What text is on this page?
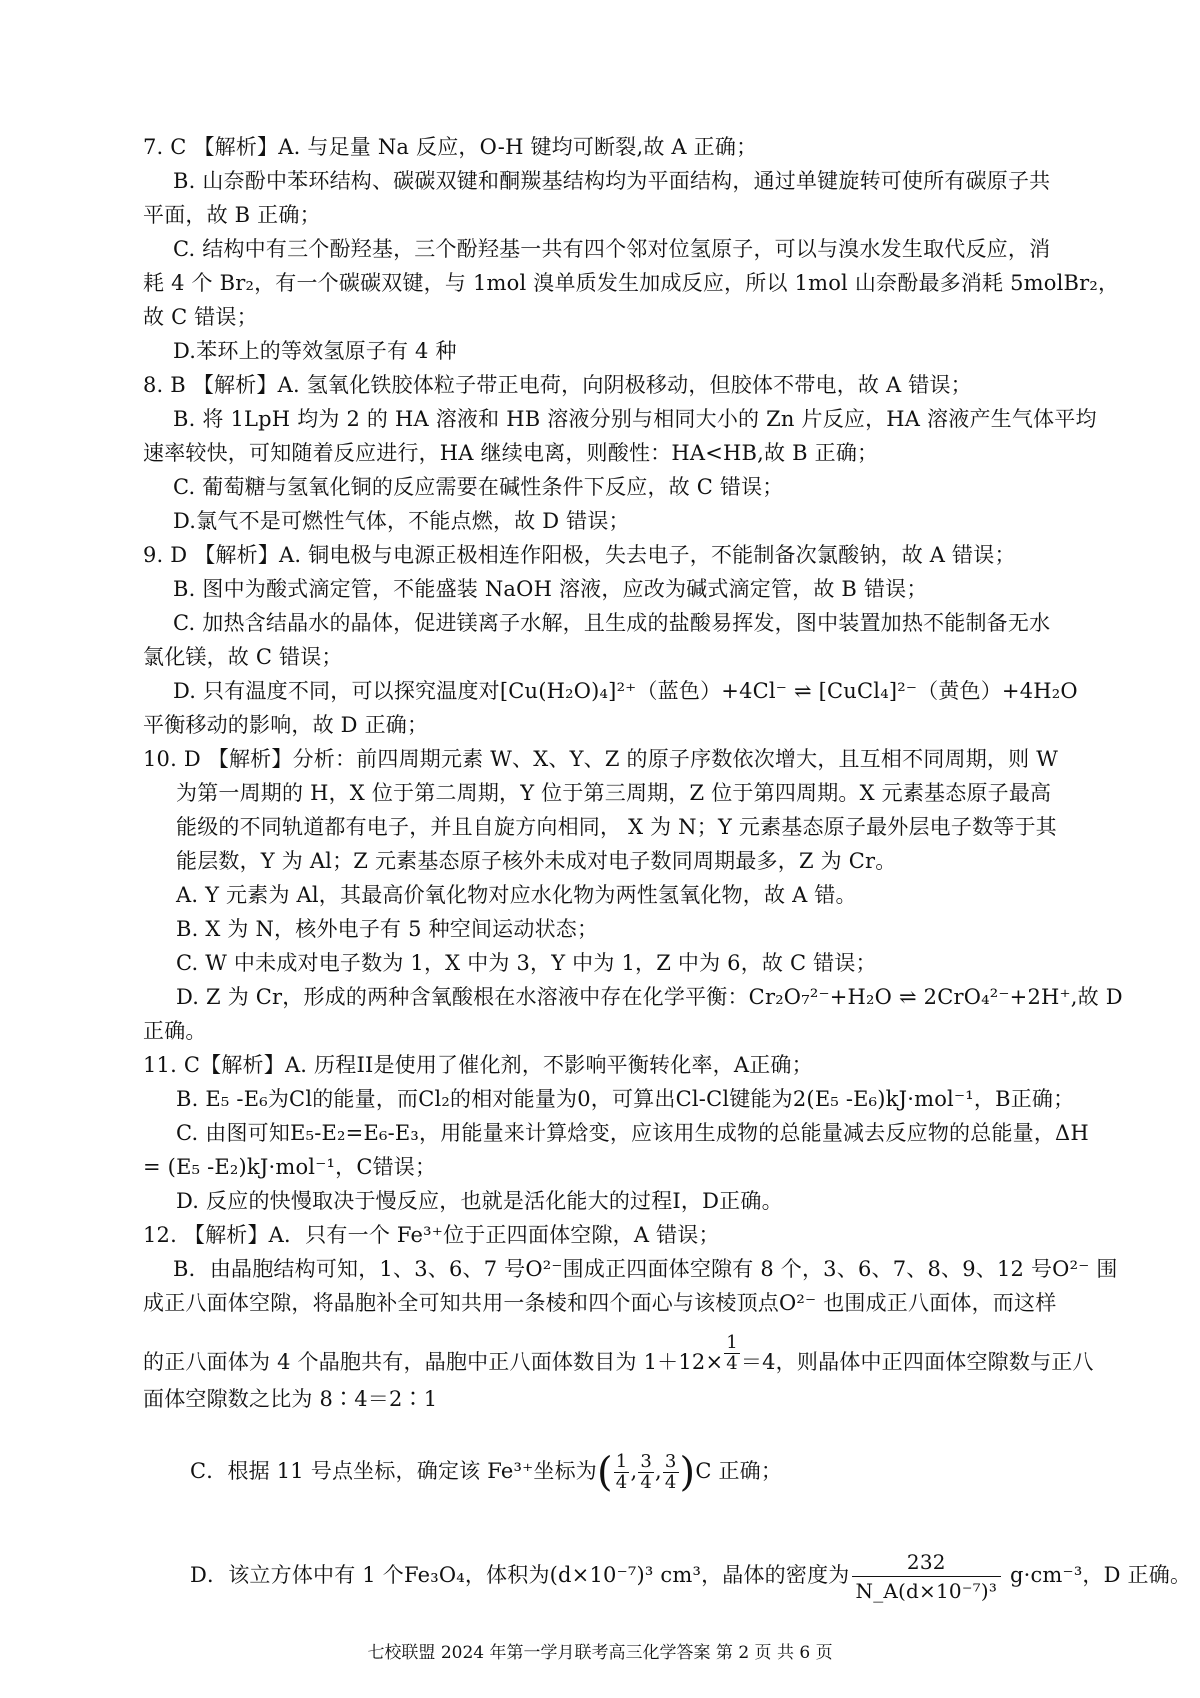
7. C 【解析】A. 与足量 Na 反应，O-H 键均可断裂,故 A 正确；
B. 山奈酚中苯环结构、碳碳双键和酮羰基结构均为平面结构，通过单键旋转可使所有碳原子共
平面，故 B 正确；
C. 结构中有三个酚羟基，三个酚羟基一共有四个邻对位氢原子，可以与溴水发生取代反应，消
耗 4 个 Br₂，有一个碳碳双键，与 1mol 溴单质发生加成反应，所以 1mol 山奈酚最多消耗 5molBr₂，
故 C 错误；
D.苯环上的等效氢原子有 4 种
8. B 【解析】A. 氢氧化铁胶体粒子带正电荷，向阴极移动，但胶体不带电，故 A 错误；
B. 将 1LpH 均为 2 的 HA 溶液和 HB 溶液分别与相同大小的 Zn 片反应，HA 溶液产生气体平均
速率较快，可知随着反应进行，HA 继续电离，则酸性：HA<HB,故 B 正确；
C. 葡萄糖与氢氧化铜的反应需要在碱性条件下反应，故 C 错误；
D.氯气不是可燃性气体，不能点燃，故 D 错误；
9. D 【解析】A. 铜电极与电源正极相连作阳极，失去电子，不能制备次氯酸钠，故 A 错误；
B. 图中为酸式滴定管，不能盛装 NaOH 溶液，应改为碱式滴定管，故 B 错误；
C. 加热含结晶水的晶体，促进镁离子水解，且生成的盐酸易挥发，图中装置加热不能制备无水
氯化镁，故 C 错误；
D. 只有温度不同，可以探究温度对[Cu(H₂O)₄]²⁺（蓝色）+4Cl⁻ ⇌ [CuCl₄]²⁻（黄色）+4H₂O
平衡移动的影响，故 D 正确；
10. D 【解析】分析：前四周期元素 W、X、Y、Z 的原子序数依次增大，且互相不同周期，则 W
为第一周期的 H，X 位于第二周期，Y 位于第三周期，Z 位于第四周期。X 元素基态原子最高
能级的不同轨道都有电子，并且自旋方向相同， X 为 N；Y 元素基态原子最外层电子数等于其
能层数，Y 为 Al；Z 元素基态原子核外未成对电子数同周期最多，Z 为 Cr。
A. Y 元素为 Al，其最高价氧化物对应水化物为两性氢氧化物，故 A 错。
B. X 为 N，核外电子有 5 种空间运动状态；
C. W 中未成对电子数为 1，X 中为 3，Y 中为 1，Z 中为 6，故 C 错误；
D. Z 为 Cr，形成的两种含氧酸根在水溶液中存在化学平衡：Cr₂O₇²⁻+H₂O ⇌ 2CrO₄²⁻+2H⁺,故 D
正确。
11. C【解析】A. 历程II是使用了催化剂，不影响平衡转化率，A正确；
B. E₅ -E₆为Cl的能量，而Cl₂的相对能量为0，可算出Cl-Cl键能为2(E₅ -E₆)kJ·mol⁻¹，B正确；
C. 由图可知E₅-E₂=E₆-E₃，用能量来计算焓变，应该用生成物的总能量减去反应物的总能量，ΔH
= (E₅ -E₂)kJ·mol⁻¹，C错误；
D. 反应的快慢取决于慢反应，也就是活化能大的过程I，D正确。
12. 【解析】A．只有一个 Fe³⁺位于正四面体空隙，A 错误；
B．由晶胞结构可知，1、3、6、7 号O²⁻围成正四面体空隙有 8 个，3、6、7、8、9、12 号O²⁻ 围
成正八面体空隙，将晶胞补全可知共用一条棱和四个面心与该棱顶点O²⁻ 也围成正八面体，而这样
的正八面体为 4 个晶胞共有，晶胞中正八面体数目为 $1+12\times \frac{1}{4} =4$，则晶体中正四面体空隙数与正八
面体空隙数之比为 8∶4＝2∶1
C．根据 11 号点坐标，确定该 Fe³⁺坐标为( $\frac{1}{4}$ , $\frac{3}{4}$ , $\frac{3}{4} )C$ 正确；
D．该立方体中有 1 个Fe₃O₄，体积为(d×10⁻⁷)³ cm³，晶体的密度为 $\frac{232}{\text{N\_A(d×10⁻⁷)³}} g\cdot cm^{-3}$，D 正确。
七校联盟 2024 年第一学月联考高三化学答案 第 2 页 共 6 页
